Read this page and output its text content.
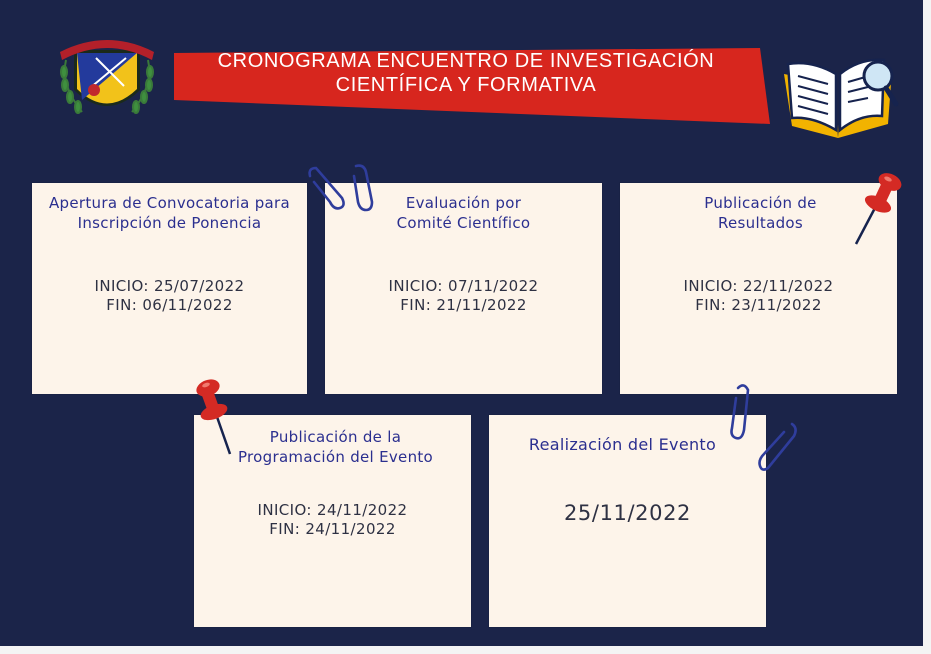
CRONOGRAMA ENCUENTRO DE INVESTIGACIÓN
CIENTÍFICA Y FORMATIVA
Apertura de Convocatoria para
Inscripción de Ponencia
INICIO: 25/07/2022
FIN: 06/11/2022
Evaluación por
Comité Científico
INICIO: 07/11/2022
FIN: 21/11/2022
Publicación de
Resultados
INICIO: 22/11/2022
FIN: 23/11/2022
Publicación de la
Programación del Evento
INICIO: 24/11/2022
FIN: 24/11/2022
Realización del Evento
25/11/2022
